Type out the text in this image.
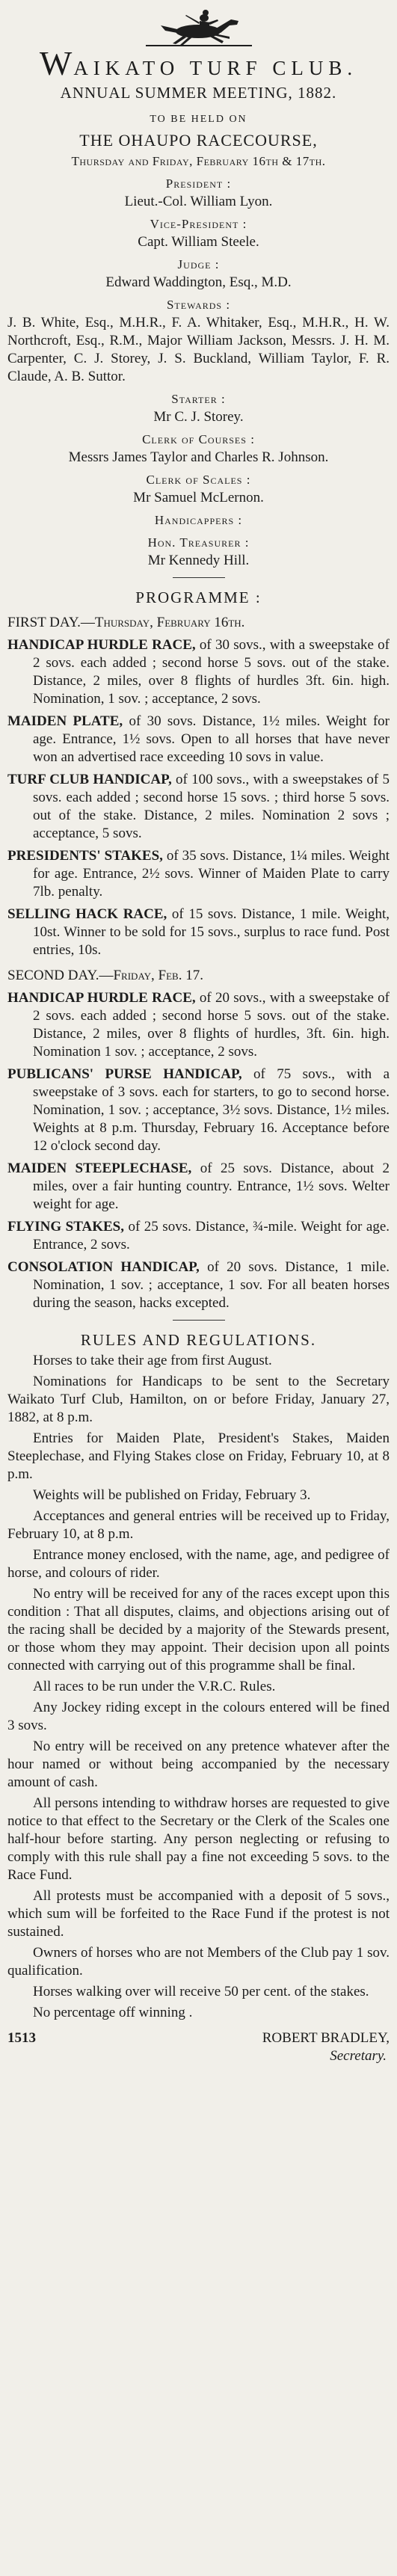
WAIKATO TURF CLUB.
ANNUAL SUMMER MEETING, 1882.
TO BE HELD ON
THE OHAUPO RACECOURSE,
Thursday and Friday, February 16th & 17th.
President :
Lieut.-Col. William Lyon.
Vice-President :
Capt. William Steele.
Judge :
Edward Waddington, Esq., M.D.
Stewards :
J. B. White, Esq., M.H.R., F. A. Whitaker, Esq., M.H.R., H. W. Northcroft, Esq., R.M., Major William Jackson, Messrs. J. H. M. Carpenter, C. J. Storey, J. S. Buckland, William Taylor, F. R. Claude, A. B. Suttor.
Starter :
Mr C. J. Storey.
Clerk of Courses :
Messrs James Taylor and Charles R. Johnson.
Clerk of Scales :
Mr Samuel McLernon.
Handicappers :
Hon. Treasurer :
Mr Kennedy Hill.
PROGRAMME :
FIRST DAY.—Thursday, February 16th.
HANDICAP HURDLE RACE, of 30 sovs., with a sweepstake of 2 sovs. each added ; second horse 5 sovs. out of the stake. Distance, 2 miles, over 8 flights of hurdles 3ft. 6in. high. Nomination, 1 sov. ; acceptance, 2 sovs.
MAIDEN PLATE, of 30 sovs. Distance, 1½ miles. Weight for age. Entrance, 1½ sovs. Open to all horses that have never won an advertised race exceeding 10 sovs in value.
TURF CLUB HANDICAP, of 100 sovs., with a sweepstakes of 5 sovs. each added ; second horse 15 sovs. ; third horse 5 sovs. out of the stake. Distance, 2 miles. Nomination 2 sovs ; acceptance, 5 sovs.
PRESIDENTS' STAKES, of 35 sovs. Distance, 1¼ miles. Weight for age. Entrance, 2½ sovs. Winner of Maiden Plate to carry 7lb. penalty.
SELLING HACK RACE, of 15 sovs. Distance, 1 mile. Weight, 10st. Winner to be sold for 15 sovs., surplus to race fund. Post entries, 10s.
SECOND DAY.—Friday, Feb. 17.
HANDICAP HURDLE RACE, of 20 sovs., with a sweepstake of 2 sovs. each added ; second horse 5 sovs. out of the stake. Distance, 2 miles, over 8 flights of hurdles, 3ft. 6in. high. Nomination 1 sov. ; acceptance, 2 sovs.
PUBLICANS' PURSE HANDICAP, of 75 sovs., with a sweepstake of 3 sovs. each for starters, to go to second horse. Nomination, 1 sov. ; acceptance, 3½ sovs. Distance, 1½ miles. Weights at 8 p.m. Thursday, February 16. Acceptance before 12 o'clock second day.
MAIDEN STEEPLECHASE, of 25 sovs. Distance, about 2 miles, over a fair hunting country. Entrance, 1½ sovs. Welter weight for age.
FLYING STAKES, of 25 sovs. Distance, ¾-mile. Weight for age. Entrance, 2 sovs.
CONSOLATION HANDICAP, of 20 sovs. Distance, 1 mile. Nomination, 1 sov. ; acceptance, 1 sov. For all beaten horses during the season, hacks excepted.
RULES AND REGULATIONS.
Horses to take their age from first August.
Nominations for Handicaps to be sent to the Secretary Waikato Turf Club, Hamilton, on or before Friday, January 27, 1882, at 8 p.m.
Entries for Maiden Plate, President's Stakes, Maiden Steeplechase, and Flying Stakes close on Friday, February 10, at 8 p.m.
Weights will be published on Friday, February 3.
Acceptances and general entries will be received up to Friday, February 10, at 8 p.m.
Entrance money enclosed, with the name, age, and pedigree of horse, and colours of rider.
No entry will be received for any of the races except upon this condition : That all disputes, claims, and objections arising out of the racing shall be decided by a majority of the Stewards present, or those whom they may appoint. Their decision upon all points connected with carrying out of this programme shall be final.
All races to be run under the V.R.C. Rules.
Any Jockey riding except in the colours entered will be fined 3 sovs.
No entry will be received on any pretence whatever after the hour named or without being accompanied by the necessary amount of cash.
All persons intending to withdraw horses are requested to give notice to that effect to the Secretary or the Clerk of the Scales one half-hour before starting. Any person neglecting or refusing to comply with this rule shall pay a fine not exceeding 5 sovs. to the Race Fund.
All protests must be accompanied with a deposit of 5 sovs., which sum will be forfeited to the Race Fund if the protest is not sustained.
Owners of horses who are not Members of the Club pay 1 sov. qualification.
Horses walking over will receive 50 per cent. of the stakes.
No percentage off winning .
1513	ROBERT BRADLEY,
Secretary.
